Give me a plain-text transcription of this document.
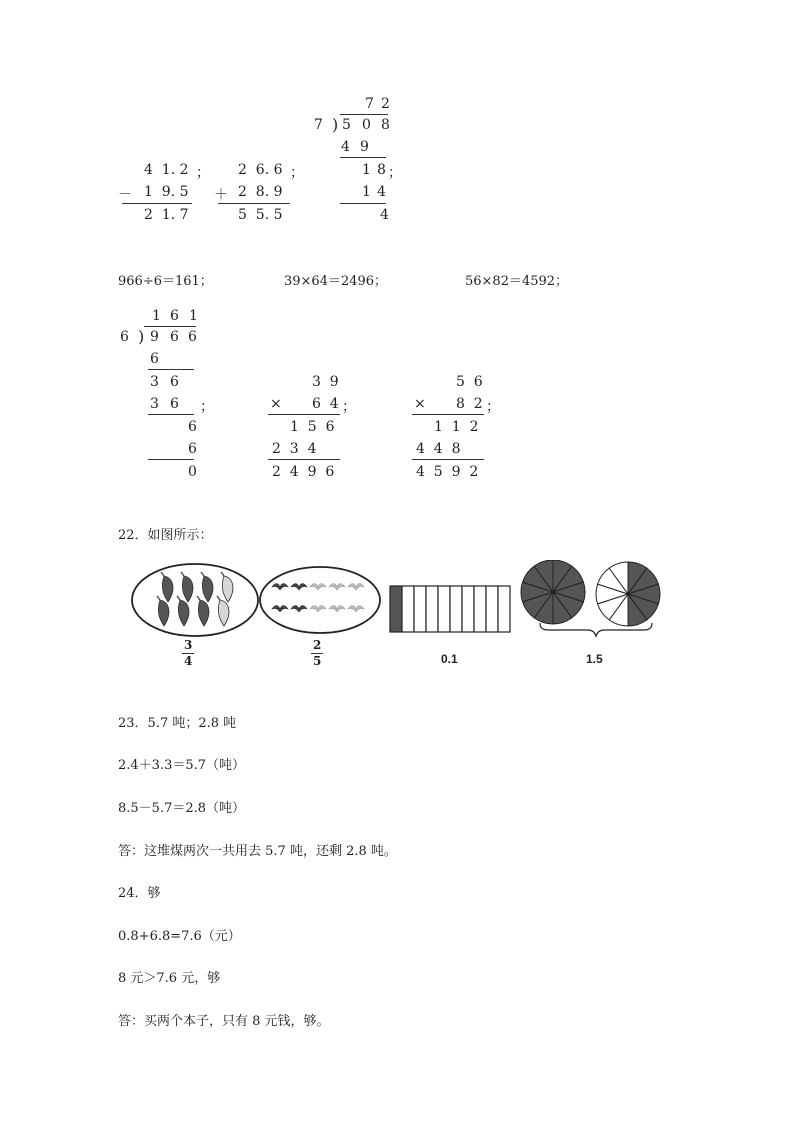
7 2
7 ) 5 0 8
4 9
1 8 ；
1 4
4
4  1. 2 ；
－ 1  9. 5
2  1. 7
2  6. 6 ；
＋ 2  8. 9
5  5. 5
966÷6＝161；	39×64＝2496；	56×82＝4592；
1 6 1
6 ) 9 6 6
6
3 6
3 6 ；
6
6
0
3  9
× 6  4 ；
1  5  6
2  3  4
2  4  9  6
5  6
× 8  2 ；
1  1  2
4  4  8
4  5  9  2
22．如图所示：
3
4
2
5	0.1	1.5
23．5.7 吨；2.8 吨
2.4＋3.3＝5.7（吨）
8.5－5.7＝2.8（吨）
答：这堆煤两次一共用去 5.7 吨，还剩 2.8 吨。
24．够
0.8+6.8=7.6（元）
8 元＞7.6 元，够
答：买两个本子，只有 8 元钱，够。
